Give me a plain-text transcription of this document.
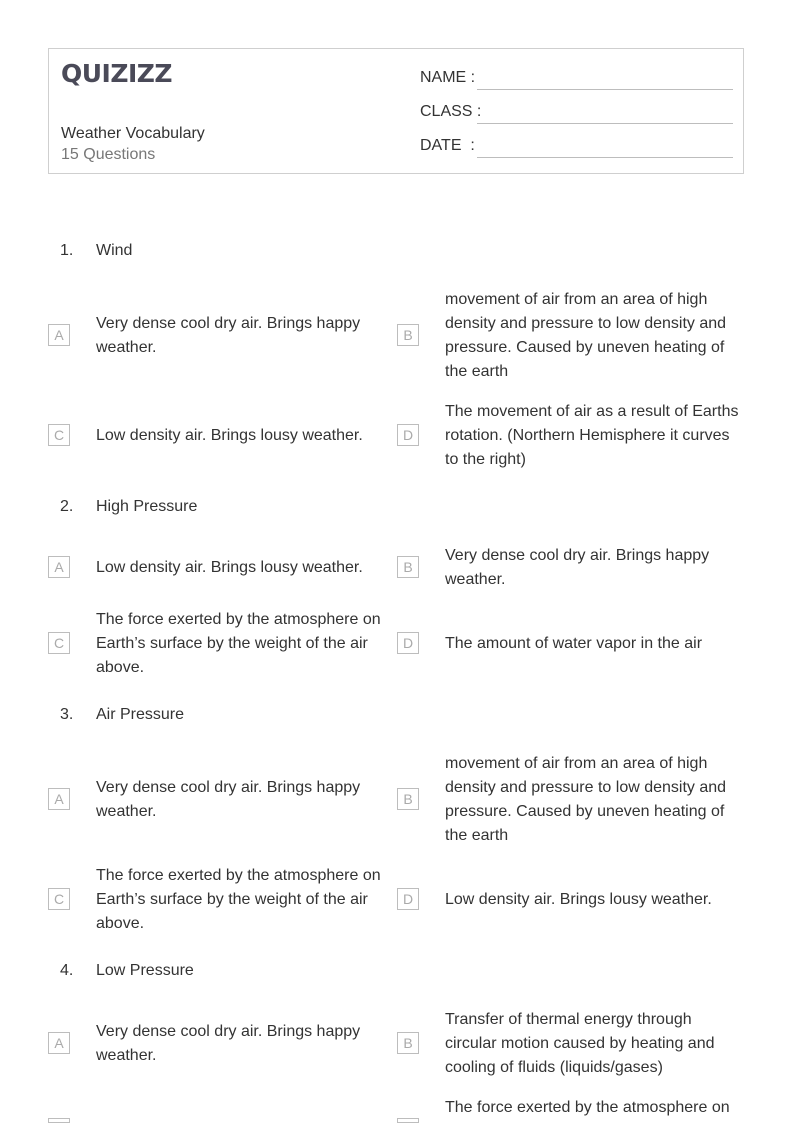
QUIZIZZ
Weather Vocabulary
15 Questions
NAME :
CLASS :
DATE  :
1. Wind
A
Very dense cool dry air. Brings happy weather.
B
movement of air from an area of high density and pressure to low density and pressure. Caused by uneven heating of the earth
C	Low density air. Brings lousy weather.	D
The movement of air as a result of Earths rotation. (Northern Hemisphere it curves to the right)
2. High Pressure
A	Low density air. Brings lousy weather.	B
Very dense cool dry air. Brings happy weather.
C
The force exerted by the atmosphere on Earth’s surface by the weight of the air above.
D	The amount of water vapor in the air
3. Air Pressure
A
Very dense cool dry air. Brings happy weather.
B
movement of air from an area of high density and pressure to low density and pressure. Caused by uneven heating of the earth
C
The force exerted by the atmosphere on Earth’s surface by the weight of the air above.
D	Low density air. Brings lousy weather.
4. Low Pressure
A
Very dense cool dry air. Brings happy weather.
B
Transfer of thermal energy through circular motion caused by heating and cooling of fluids (liquids/gases)
The force exerted by the atmosphere on
